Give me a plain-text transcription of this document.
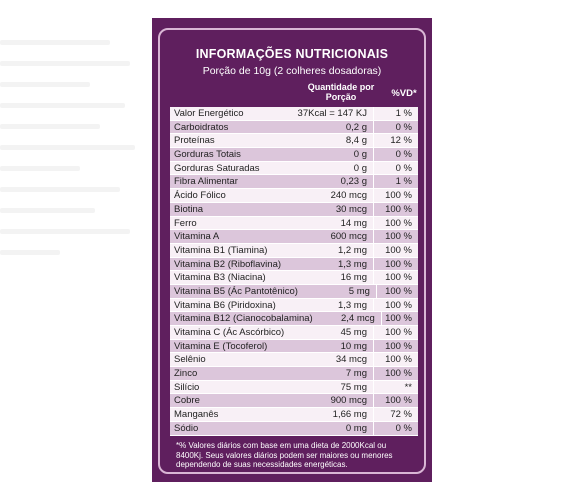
INFORMAÇÕES NUTRICIONAIS
Porção de 10g (2 colheres dosadoras)
Quantidade por Porção	%VD*
Valor Energético	37Kcal = 147 KJ	1 %
Carboidratos	0,2 g	0 %
Proteínas	8,4 g	12 %
Gorduras Totais	0 g	0 %
Gorduras Saturadas	0 g	0 %
Fibra Alimentar	0,23 g	1 %
Ácido Fólico	240 mcg	100 %
Biotina	30 mcg	100 %
Ferro	14 mg	100 %
Vitamina A	600 mcg	100 %
Vitamina B1 (Tiamina)	1,2 mg	100 %
Vitamina B2 (Riboflavina)	1,3 mg	100 %
Vitamina B3 (Niacina)	16 mg	100 %
Vitamina B5 (Ác Pantotênico)	5 mg	100 %
Vitamina B6 (Piridoxina)	1,3 mg	100 %
Vitamina B12 (Cianocobalamina)	2,4 mcg	100 %
Vitamina C (Ác Ascórbico)	45 mg	100 %
Vitamina E (Tocoferol)	10 mg	100 %
Selênio	34 mcg	100 %
Zinco	7 mg	100 %
Silício	75 mg	**
Cobre	900 mcg	100 %
Manganês	1,66 mg	72 %
Sódio	0 mg	0 %
*% Valores diários com base em uma dieta de 2000Kcal ou 8400Kj. Seus valores diários podem ser maiores ou menores dependendo de suas necessidades energéticas.
